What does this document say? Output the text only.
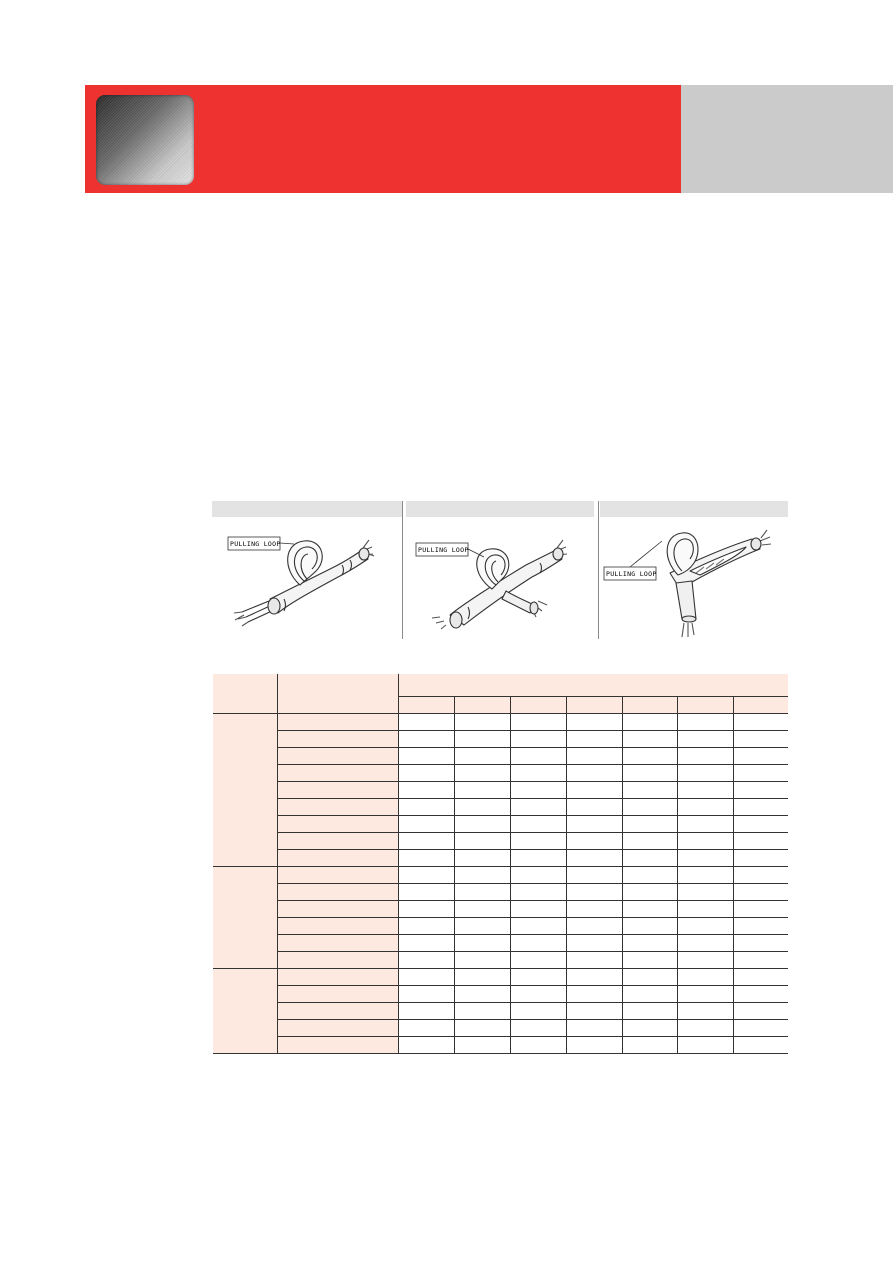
PULLING LOOP
PULLING LOOP
PULLING LOOP
